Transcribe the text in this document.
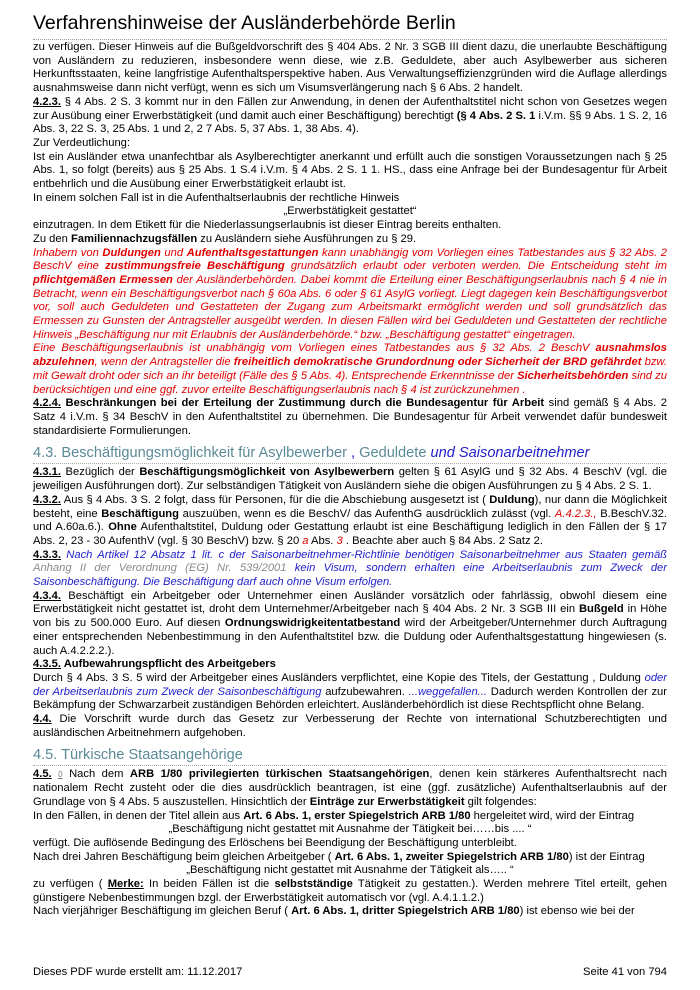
Verfahrenshinweise der Ausländerbehörde Berlin

zu verfügen. Dieser Hinweis auf die Bußgeldvorschrift des § 404 Abs. 2 Nr. 3 SGB III dient dazu, die unerlaubte Beschäftigung von Ausländern zu reduzieren, insbesondere wenn diese, wie z.B. Geduldete, aber auch Asylbewerber aus sicheren Herkunftsstaaten, keine langfristige Aufenthaltsperspektive haben. Aus Verwaltungseffizienzgründen wird die Auflage allerdings ausnahmsweise dann nicht verfügt, wenn es sich um Visumsverlängerung nach § 6 Abs. 2 handelt.

4.2.3. § 4 Abs. 2 S. 3 kommt nur in den Fällen zur Anwendung, in denen der Aufenthaltstitel nicht schon von Gesetzes wegen zur Ausübung einer Erwerbstätigkeit (und damit auch einer Beschäftigung) berechtigt (§ 4 Abs. 2 S. 1 i.V.m. §§ 9 Abs. 1 S. 2, 16 Abs. 3, 22 S. 3, 25 Abs. 1 und 2, 2 7 Abs. 5, 37 Abs. 1, 38 Abs. 4).

Zur Verdeutlichung:

Ist ein Ausländer etwa unanfechtbar als Asylberechtigter anerkannt und erfüllt auch die sonstigen Voraussetzungen nach § 25 Abs. 1, so folgt (bereits) aus § 25 Abs. 1 S.4 i.V.m. § 4 Abs. 2 S. 1 1. HS., dass eine Anfrage bei der Bundesagentur für Arbeit entbehrlich und die Ausübung einer Erwerbstätigkeit erlaubt ist.

In einem solchen Fall ist in die Aufenthaltserlaubnis der rechtliche Hinweis

„Erwerbstätigkeit gestattet“

einzutragen. In dem Etikett für die Niederlassungserlaubnis ist dieser Eintrag bereits enthalten.

Zu den Familiennachzugsfällen zu Ausländern siehe Ausführungen zu § 29.

Inhabern von Duldungen und Aufenthaltsgestattungen kann unabhängig vom Vorliegen eines Tatbestandes aus § 32 Abs. 2 BeschV eine zustimmungsfreie Beschäftigung grundsätzlich erlaubt oder verboten werden. Die Entscheidung steht im pflichtgemäßen Ermessen der Ausländerbehörden. Dabei kommt die Erteilung einer Beschäftigungserlaubnis nach § 4 nie in Betracht, wenn ein Beschäftigungsverbot nach § 60a Abs. 6 oder § 61 AsylG vorliegt. Liegt dagegen kein Beschäftigungsverbot vor, soll auch Geduldeten und Gestatteten der Zugang zum Arbeitsmarkt ermöglicht werden und soll grundsätzlich das Ermessen zu Gunsten der Antragsteller ausgeübt werden. In diesen Fällen wird bei Geduldeten und Gestatteten der rechtliche Hinweis „Beschäftigung nur mit Erlaubnis der Ausländerbehörde.“ bzw. „Beschäftigung gestattet“ eingetragen.

Eine Beschäftigungserlaubnis ist unabhängig vom Vorliegen eines Tatbestandes aus § 32 Abs. 2 BeschV ausnahmslos abzulehnen, wenn der Antragsteller die freiheitlich demokratische Grundordnung oder Sicherheit der BRD gefährdet bzw. mit Gewalt droht oder sich an ihr beteiligt (Fälle des § 5 Abs. 4). Entsprechende Erkenntnisse der Sicherheitsbehörden sind zu berücksichtigen und eine ggf. zuvor erteilte Beschäftigungserlaubnis nach § 4 ist zurückzunehmen .

4.2.4. Beschränkungen bei der Erteilung der Zustimmung durch die Bundesagentur für Arbeit sind gemäß § 4 Abs. 2 Satz 4 i.V.m. § 34 BeschV in den Aufenthaltstitel zu übernehmen. Die Bundesagentur für Arbeit verwendet dafür bundesweit standardisierte Formulierungen.

4.3. Beschäftigungsmöglichkeit für Asylbewerber , Geduldete und Saisonarbeitnehmer

4.3.1. Bezüglich der Beschäftigungsmöglichkeit von Asylbewerbern gelten § 61 AsylG und § 32 Abs. 4 BeschV (vgl. die jeweiligen Ausführungen dort). Zur selbständigen Tätigkeit von Ausländern siehe die obigen Ausführungen zu § 4 Abs. 2 S. 1.

4.3.2. Aus § 4 Abs. 3 S. 2 folgt, dass für Personen, für die die Abschiebung ausgesetzt ist ( Duldung), nur dann die Möglichkeit besteht, eine Beschäftigung auszuüben, wenn es die BeschV/ das AufenthG ausdrücklich zulässt (vgl. A.4.2.3., B.BeschV.32. und A.60a.6.). Ohne Aufenthaltstitel, Duldung oder Gestattung erlaubt ist eine Beschäftigung lediglich in den Fällen der § 17 Abs. 2, 23 - 30 AufenthV (vgl. § 30 BeschV) bzw. § 20 a Abs. 3 . Beachte aber auch § 84 Abs. 2 Satz 2.

4.3.3. Nach Artikel 12 Absatz 1 lit. c der Saisonarbeitnehmer-Richtlinie benötigen Saisonarbeitnehmer aus Staaten gemäß Anhang II der Verordnung (EG) Nr. 539/2001 kein Visum, sondern erhalten eine Arbeitserlaubnis zum Zweck der Saisonbeschäftigung. Die Beschäftigung darf auch ohne Visum erfolgen.

4.3.4. Beschäftigt ein Arbeitgeber oder Unternehmer einen Ausländer vorsätzlich oder fahrlässig, obwohl diesem eine Erwerbstätigkeit nicht gestattet ist, droht dem Unternehmer/Arbeitgeber nach § 404 Abs. 2 Nr. 3 SGB III ein Bußgeld in Höhe von bis zu 500.000 Euro. Auf diesen Ordnungswidrigkeitentatbestand wird der Arbeitgeber/Unternehmer durch Auftragung einer entsprechenden Nebenbestimmung in den Aufenthaltstitel bzw. die Duldung oder Aufenthaltsgestattung hingewiesen (s. auch A.4.2.2.2.).

4.3.5. Aufbewahrungspflicht des Arbeitgebers

Durch § 4 Abs. 3 S. 5 wird der Arbeitgeber eines Ausländers verpflichtet, eine Kopie des Titels, der Gestattung , Duldung oder der Arbeitserlaubnis zum Zweck der Saisonbeschäftigung aufzubewahren. ...weggefallen... Dadurch werden Kontrollen der zur Bekämpfung der Schwarzarbeit zuständigen Behörden erleichtert. Ausländerbehördlich ist diese Rechtspflicht ohne Belang.

4.4. Die Vorschrift wurde durch das Gesetz zur Verbesserung der Rechte von international Schutzberechtigten und ausländischen Arbeitnehmern aufgehoben.

4.5. Türkische Staatsangehörige

4.5. 0 Nach dem ARB 1/80 privilegierten türkischen Staatsangehörigen, denen kein stärkeres Aufenthaltsrecht nach nationalem Recht zusteht oder die dies ausdrücklich beantragen, ist eine (ggf. zusätzliche) Aufenthaltserlaubnis auf der Grundlage von § 4 Abs. 5 auszustellen. Hinsichtlich der Einträge zur Erwerbstätigkeit gilt folgendes:

In den Fällen, in denen der Titel allein aus Art. 6 Abs. 1, erster Spiegelstrich ARB 1/80 hergeleitet wird, wird der Eintrag

„Beschäftigung nicht gestattet mit Ausnahme der Tätigkeit bei……bis .... “

verfügt. Die auflösende Bedingung des Erlöschens bei Beendigung der Beschäftigung unterbleibt.

Nach drei Jahren Beschäftigung beim gleichen Arbeitgeber ( Art. 6 Abs. 1, zweiter Spiegelstrich ARB 1/80) ist der Eintrag

„Beschäftigung nicht gestattet mit Ausnahme der Tätigkeit als….. “

zu verfügen ( Merke: In beiden Fällen ist die selbstständige Tätigkeit zu gestatten.). Werden mehrere Titel erteilt, gehen günstigere Nebenbestimmungen bzgl. der Erwerbstätigkeit automatisch vor (vgl. A.4.1.1.2.)

Nach vierjähriger Beschäftigung im gleichen Beruf ( Art. 6 Abs. 1, dritter Spiegelstrich ARB 1/80) ist ebenso wie bei der

Dieses PDF wurde erstellt am: 11.12.2017	Seite 41 von 794
